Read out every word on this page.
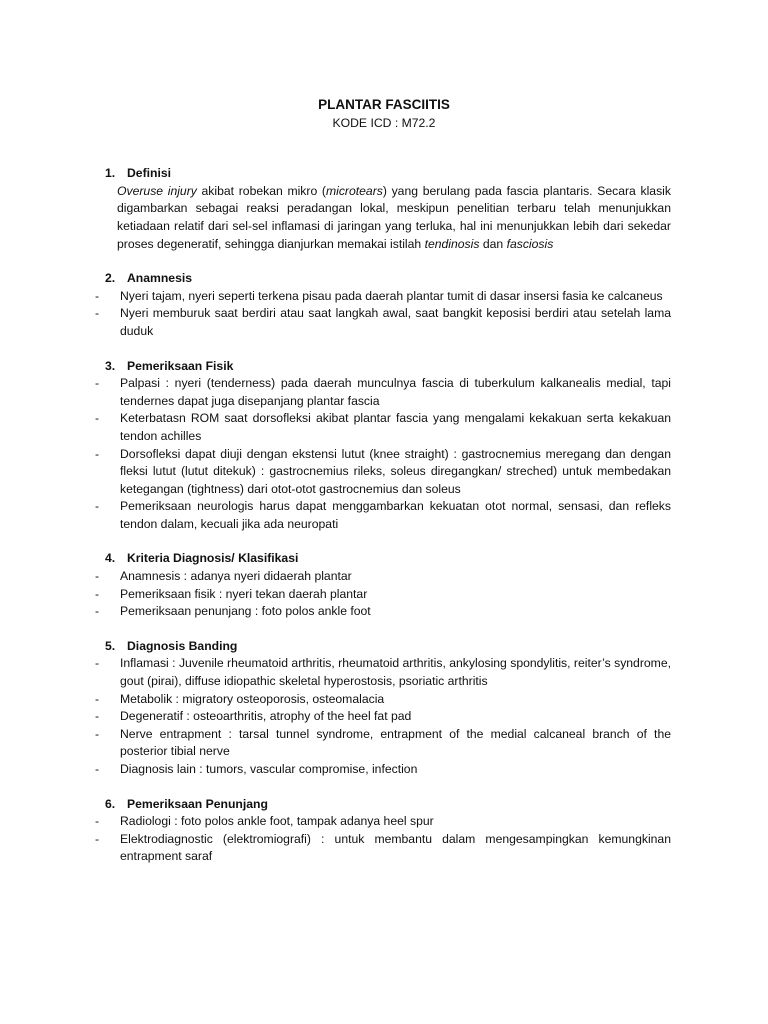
PLANTAR FASCIITIS
KODE ICD : M72.2
1. Definisi
Overuse injury akibat robekan mikro (microtears) yang berulang pada fascia plantaris. Secara klasik digambarkan sebagai reaksi peradangan lokal, meskipun penelitian terbaru telah menunjukkan ketiadaan relatif dari sel-sel inflamasi di jaringan yang terluka, hal ini menunjukkan lebih dari sekedar proses degeneratif, sehingga dianjurkan memakai istilah tendinosis dan fasciosis
2. Anamnesis
-	Nyeri tajam, nyeri seperti terkena pisau pada daerah plantar tumit di dasar insersi fasia ke calcaneus
-	Nyeri memburuk saat berdiri atau saat langkah awal, saat bangkit keposisi berdiri atau setelah lama duduk
3. Pemeriksaan Fisik
-	Palpasi : nyeri (tenderness) pada daerah munculnya fascia di tuberkulum kalkanealis medial, tapi tendernes dapat juga disepanjang plantar fascia
-	Keterbatasn ROM saat dorsofleksi akibat plantar fascia yang mengalami kekakuan serta kekakuan tendon achilles
-	Dorsofleksi dapat diuji dengan ekstensi lutut (knee straight) : gastrocnemius meregang dan dengan fleksi lutut (lutut ditekuk) : gastrocnemius rileks, soleus diregangkan/ streched) untuk membedakan ketegangan (tightness) dari otot-otot gastrocnemius dan soleus
-	Pemeriksaan neurologis harus dapat menggambarkan kekuatan otot normal, sensasi, dan refleks tendon dalam, kecuali jika ada neuropati
4. Kriteria Diagnosis/ Klasifikasi
-	Anamnesis : adanya nyeri didaerah plantar
-	Pemeriksaan fisik : nyeri tekan daerah plantar
-	Pemeriksaan penunjang : foto polos ankle foot
5. Diagnosis Banding
-	Inflamasi : Juvenile rheumatoid arthritis, rheumatoid arthritis, ankylosing spondylitis, reiter’s syndrome, gout (pirai), diffuse idiopathic skeletal hyperostosis, psoriatic arthritis
-	Metabolik : migratory osteoporosis, osteomalacia
-	Degeneratif : osteoarthritis, atrophy of the heel fat pad
-	Nerve entrapment : tarsal tunnel syndrome, entrapment of the medial calcaneal branch of the posterior tibial nerve
-	Diagnosis lain : tumors, vascular compromise, infection
6. Pemeriksaan Penunjang
-	Radiologi : foto polos ankle foot, tampak adanya heel spur
-	Elektrodiagnostic (elektromiografi) : untuk membantu dalam mengesampingkan kemungkinan entrapment saraf
